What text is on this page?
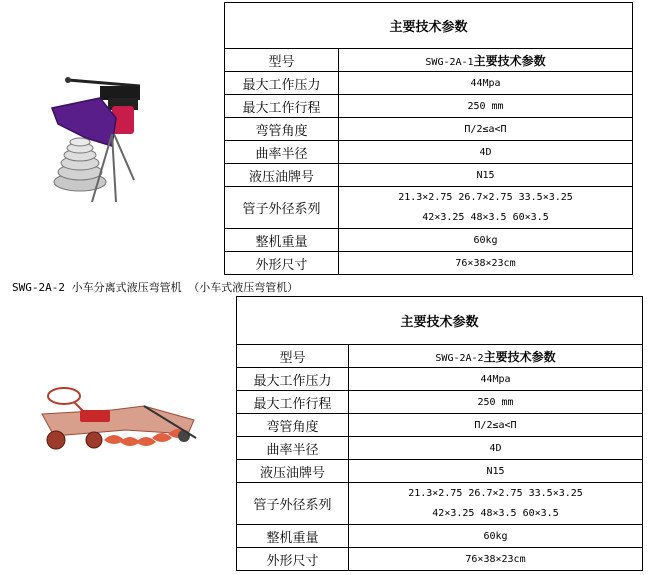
主要技术参数	
型号	SWG-2A-1主要技术参数
最大工作压力	44Mpa
最大工作行程	250 mm
弯管角度	Π/2≤a<Π
曲率半径	4D
液压油牌号	N15
管子外径系列	21.3×2.75 26.7×2.75 33.5×3.25
42×3.25 48×3.5 60×3.5

整机重量	60kg
外形尺寸	76×38×23cm
SWG-2A-2 小车分离式液压弯管机 （小车式液压弯管机）
主要技术参数	
型号	SWG-2A-2主要技术参数
最大工作压力	44Mpa
最大工作行程	250 mm
弯管角度	Π/2≤a<Π
曲率半径	4D
液压油牌号	N15
管子外径系列	21.3×2.75 26.7×2.75 33.5×3.25
42×3.25 48×3.5 60×3.5

整机重量	60kg
外形尺寸	76×38×23cm
